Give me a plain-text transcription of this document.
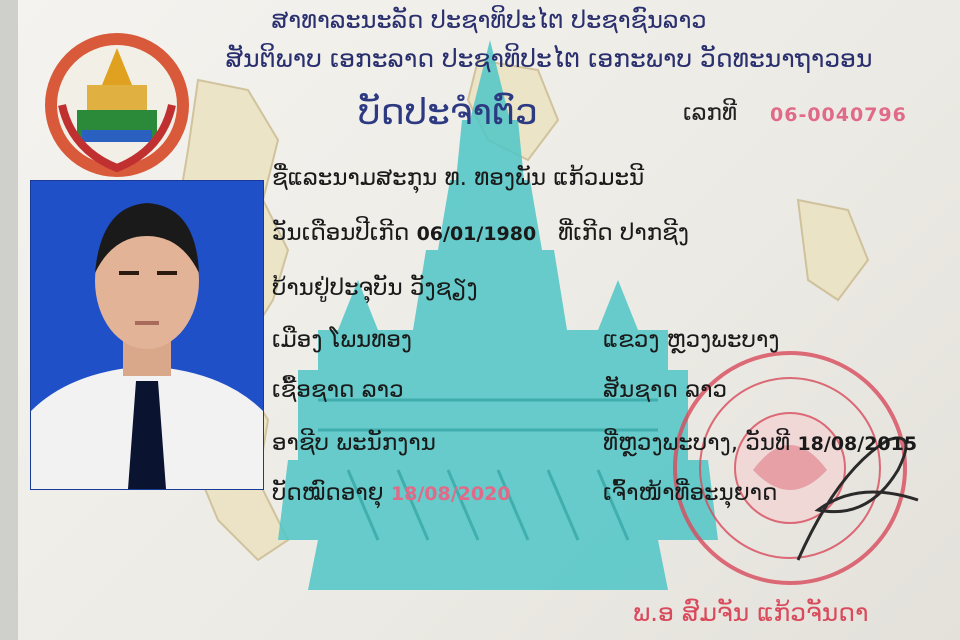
ສາທາລະນະລັດ ປະຊາທິປະໄຕ ປະຊາຊົນລາວ
ສັນຕິພາບ ເອກະລາດ ປະຊາທິປະໄຕ ເອກະພາບ ວັດທະນາຖາວອນ
ບັດປະຈຳຕົວ	ເລກທີ 06-0040796
ຊື່ແລະນາມສະກຸນ ທ. ທອງພັນ ແກ້ວມະນີ
ວັນເດືອນປີເກີດ 06/01/1980 ທີ່ເກີດ ປາກຊີງ
ບ້ານຢູ່ປະຈຸບັນ ວັງຊຽງ
ເມືອງ ໂພນທອງ	ແຂວງ ຫຼວງພະບາງ
ເຊື້ອຊາດ ລາວ	ສັນຊາດ ລາວ
ອາຊີບ ພະນັກງານ	ທີ່ຫຼວງພະບາງ, ວັນທີ 18/08/2015
ບັດໝົດອາຍຸ 18/08/2020	ເຈົ້າໜ້າທີ່ອະນຸຍາດ
ພ.ອ ສົມຈັນ ແກ້ວຈັນດາ
